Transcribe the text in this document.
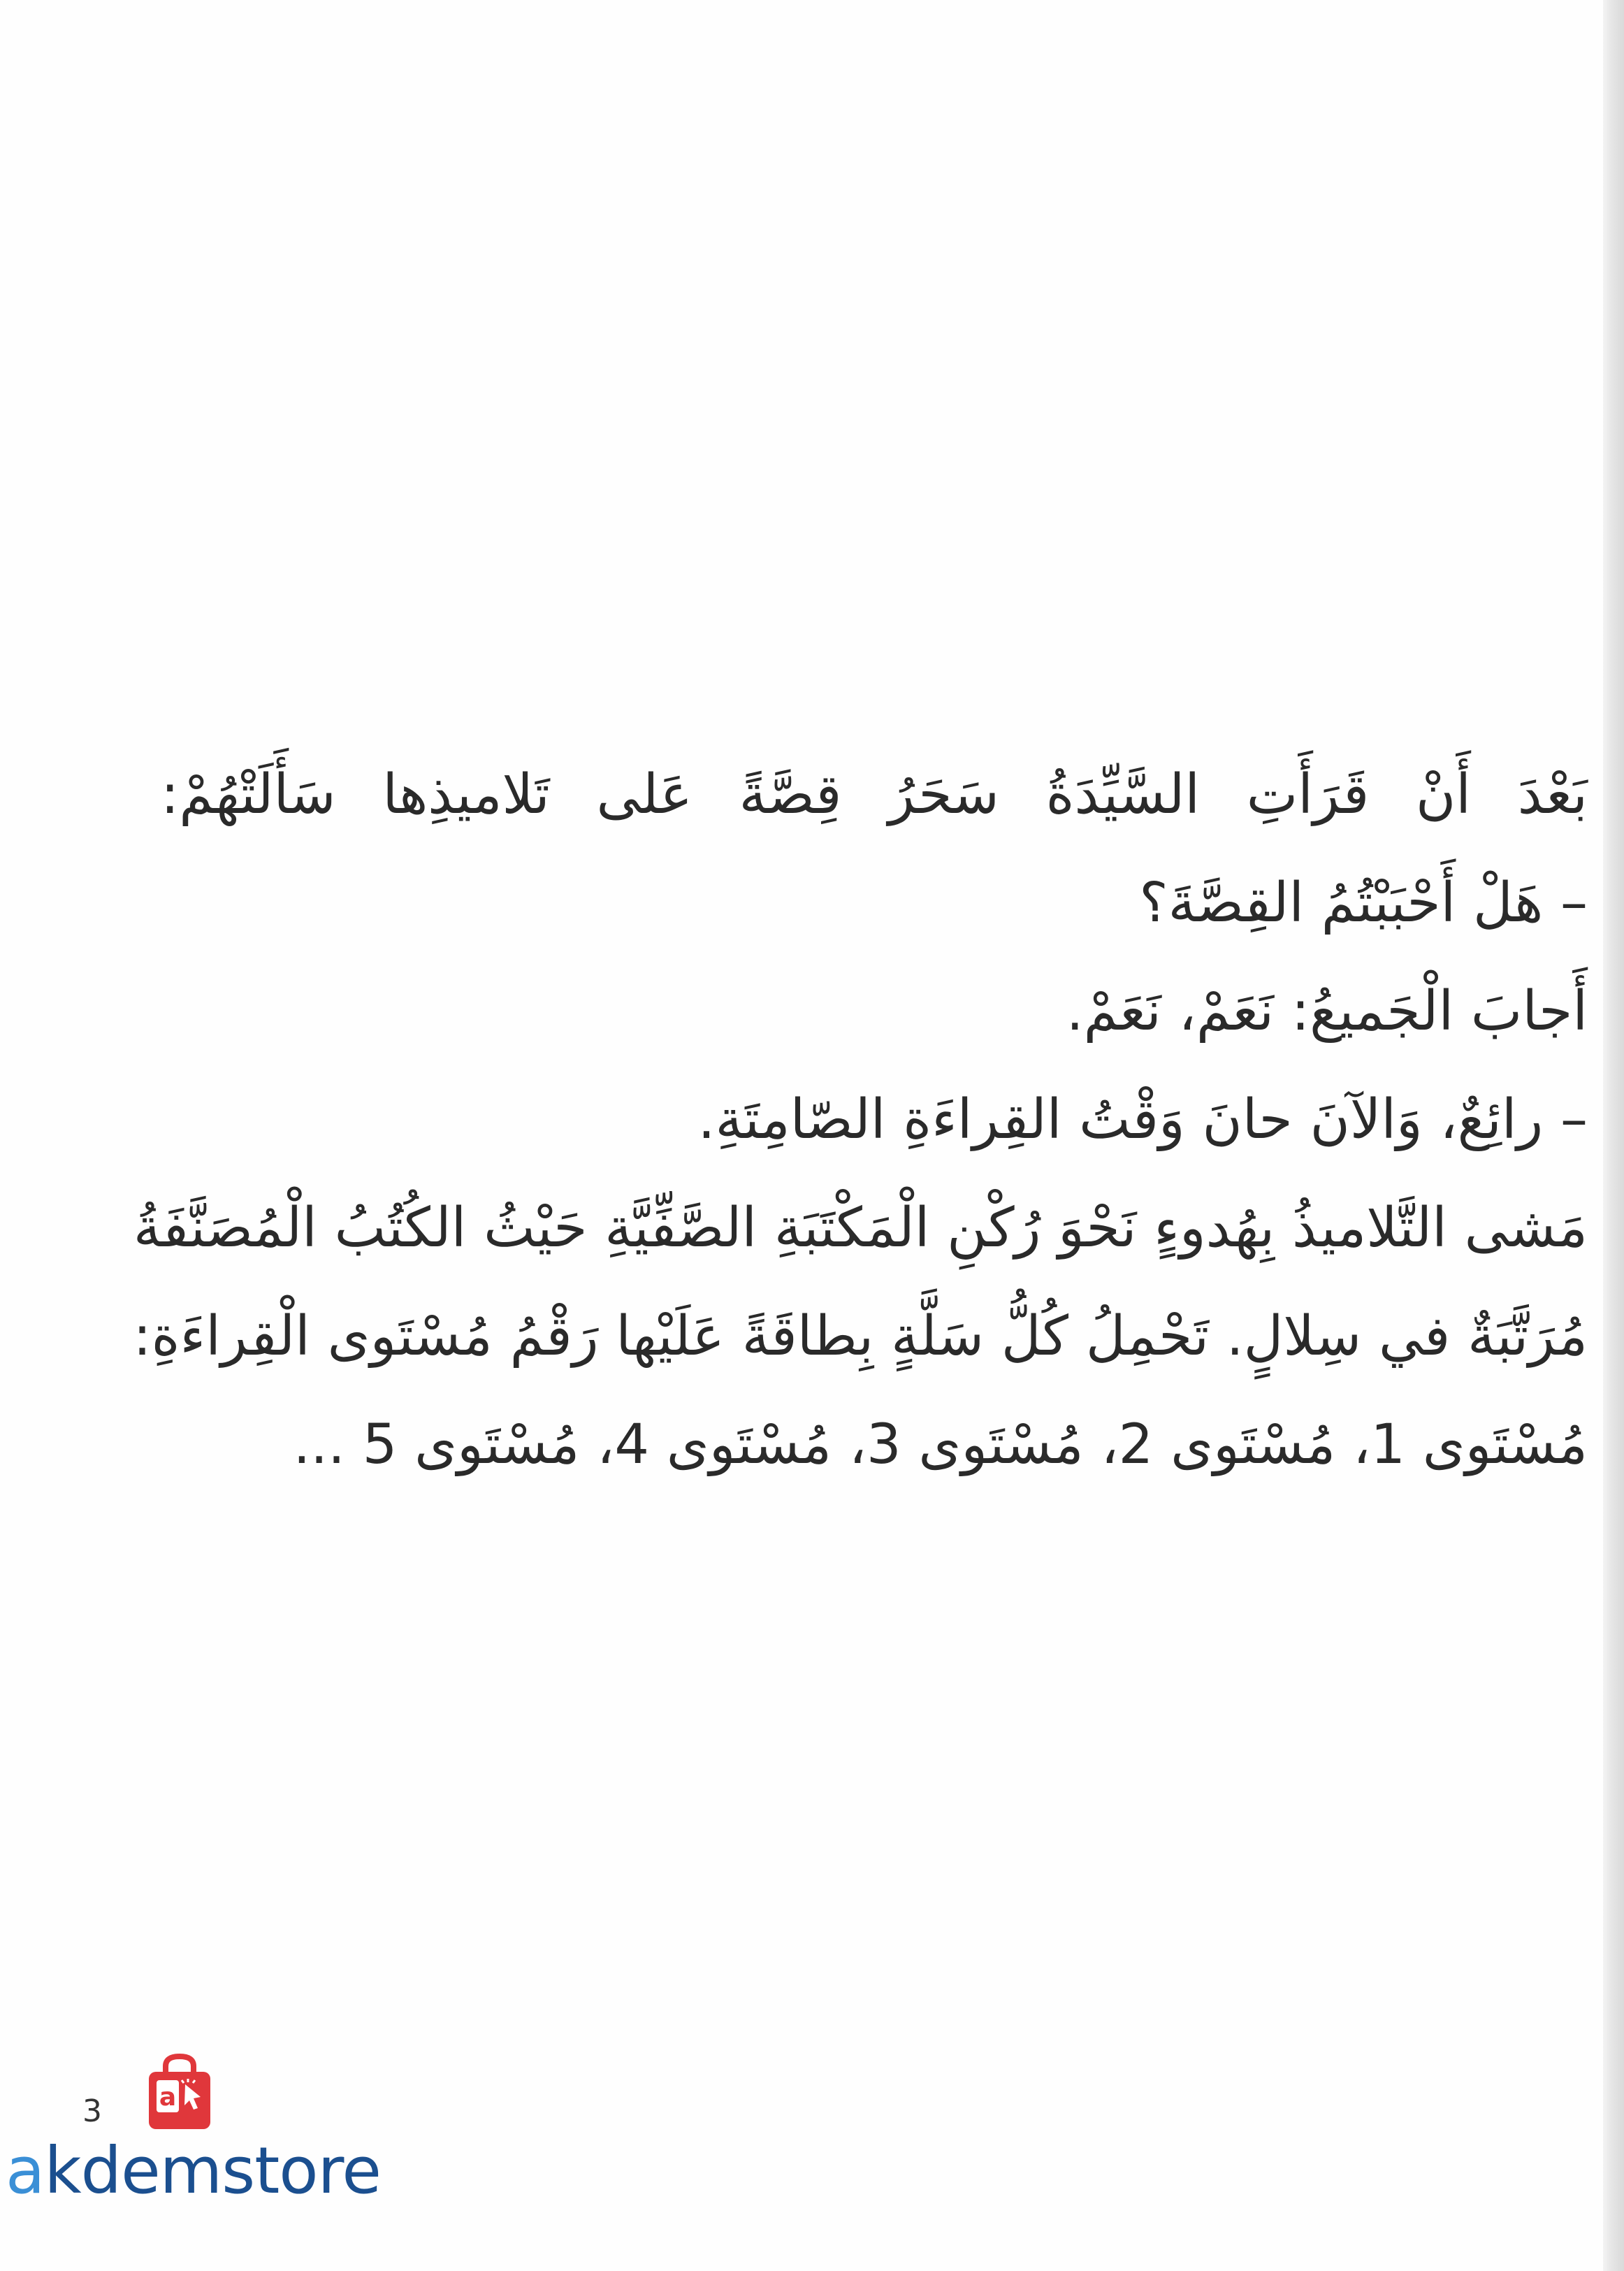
بَعْدَ أَنْ قَرَأَتِ السَّيِّدَةُ سَحَرُ قِصَّةً عَلى تَلاميذِها سَأَلَتْهُمْ:
– هَلْ أَحْبَبْتُمُ القِصَّةَ؟
أَجابَ الْجَميعُ: نَعَمْ، نَعَمْ.
– رائِعٌ، وَالآنَ حانَ وَقْتُ القِراءَةِ الصّامِتَةِ.
مَشى التَّلاميذُ بِهُدوءٍ نَحْوَ رُكْنِ الْمَكْتَبَةِ الصَّفِّيَّةِ حَيْثُ الكُتُبُ الْمُصَنَّفَةُ
مُرَتَّبَةٌ في سِلالٍ. تَحْمِلُ كُلُّ سَلَّةٍ بِطاقَةً عَلَيْها رَقْمُ مُسْتَوى الْقِراءَةِ:
مُسْتَوى 1، مُسْتَوى 2، مُسْتَوى 3، مُسْتَوى 4، مُسْتَوى 5 ...
3 a
akdemstore
